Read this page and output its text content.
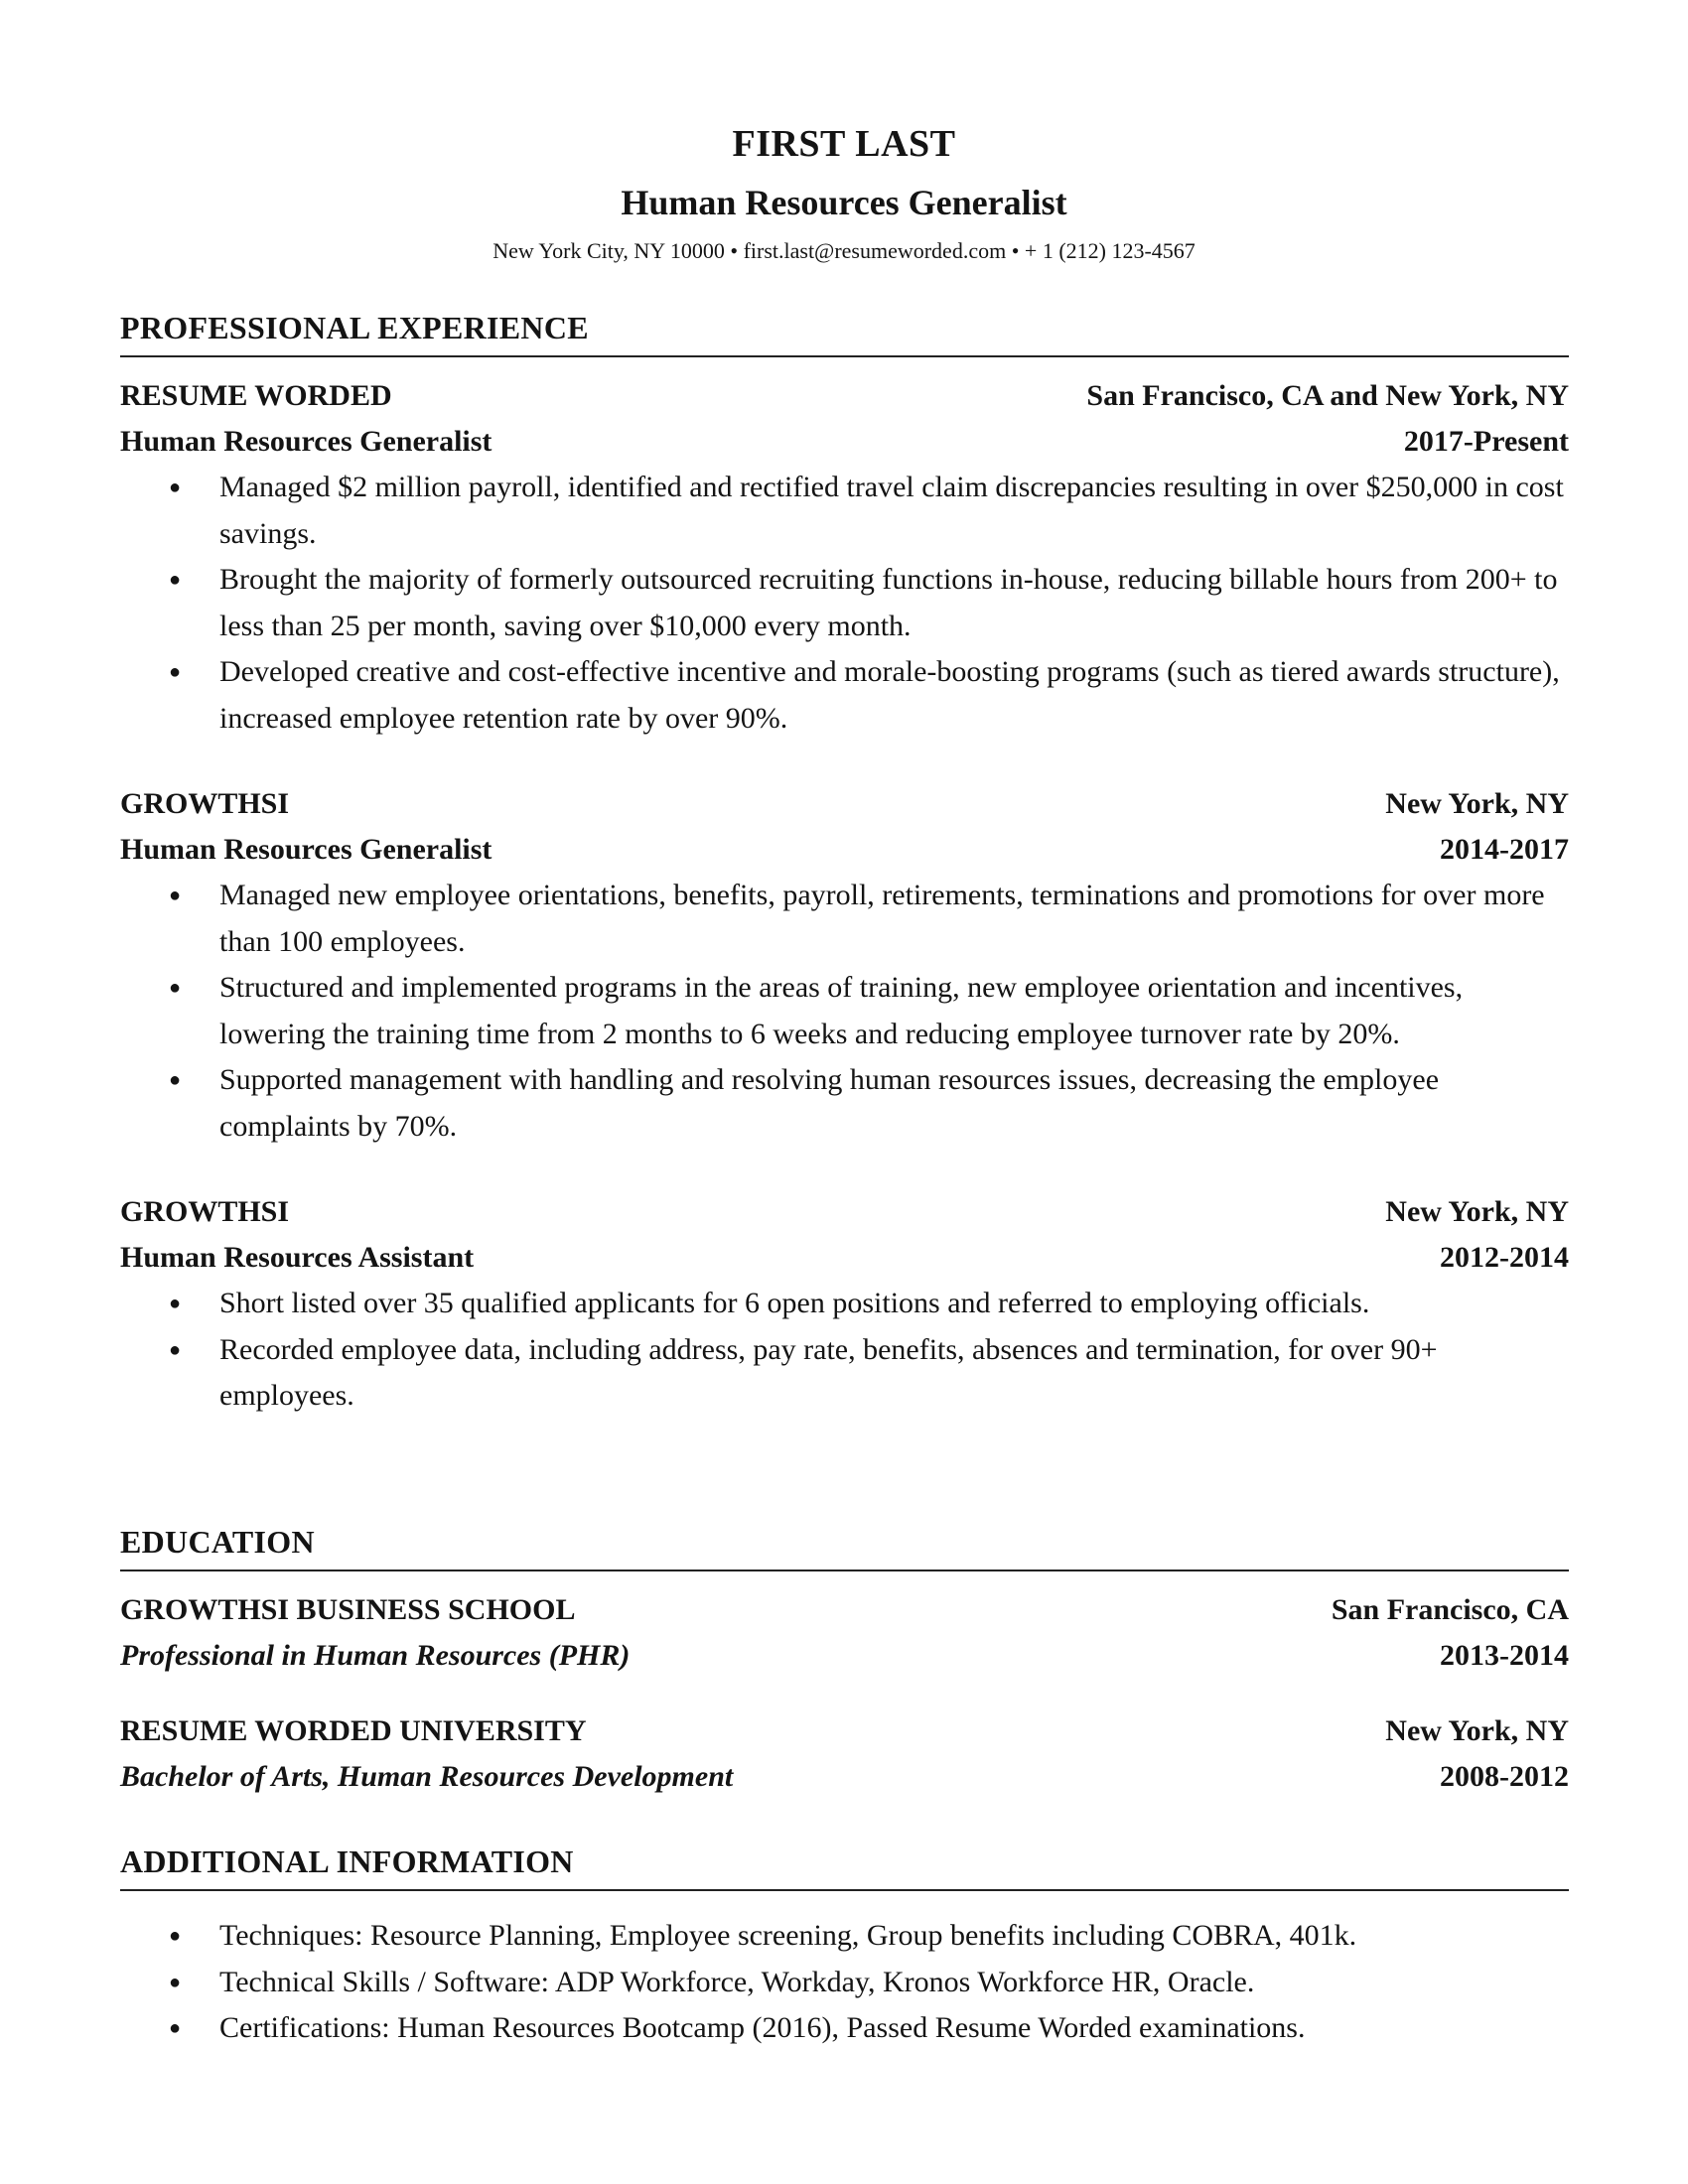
FIRST LAST
Human Resources Generalist
New York City, NY 10000 • first.last@resumeworded.com • + 1 (212) 123-4567
PROFESSIONAL EXPERIENCE
RESUME WORDED	San Francisco, CA and New York, NY
Human Resources Generalist	2017-Present
● Managed $2 million payroll, identified and rectified travel claim discrepancies resulting in over $250,000 in cost savings.
● Brought the majority of formerly outsourced recruiting functions in-house, reducing billable hours from 200+ to less than 25 per month, saving over $10,000 every month.
● Developed creative and cost-effective incentive and morale-boosting programs (such as tiered awards structure), increased employee retention rate by over 90%.
GROWTHSI	New York, NY
Human Resources Generalist	2014-2017
● Managed new employee orientations, benefits, payroll, retirements, terminations and promotions for over more than 100 employees.
● Structured and implemented programs in the areas of training, new employee orientation and incentives, lowering the training time from 2 months to 6 weeks and reducing employee turnover rate by 20%.
● Supported management with handling and resolving human resources issues, decreasing the employee complaints by 70%.
GROWTHSI	New York, NY
Human Resources Assistant	2012-2014
● Short listed over 35 qualified applicants for 6 open positions and referred to employing officials.
● Recorded employee data, including address, pay rate, benefits, absences and termination, for over 90+ employees.
EDUCATION
GROWTHSI BUSINESS SCHOOL	San Francisco, CA
Professional in Human Resources (PHR)	2013-2014
RESUME WORDED UNIVERSITY	New York, NY
Bachelor of Arts, Human Resources Development	2008-2012
ADDITIONAL INFORMATION
● Techniques: Resource Planning, Employee screening, Group benefits including COBRA, 401k.
● Technical Skills / Software: ADP Workforce, Workday, Kronos Workforce HR, Oracle.
● Certifications: Human Resources Bootcamp (2016), Passed Resume Worded examinations.
